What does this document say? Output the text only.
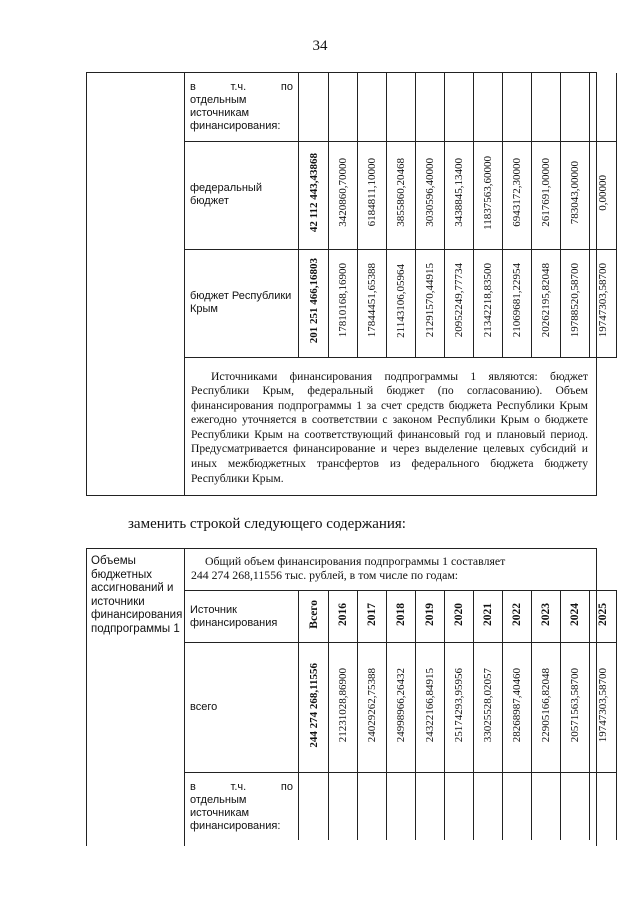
34

в	т.ч.	по
отдельным
источникам
финансирования:

федеральный бюджет	42 112 443,43868	3420860,70000	6184811,10000	3855860,20468	3030596,40000	3438845,13400	11837563,60000	6943172,30000	2617691,00000	783043,00000	0,00000
бюджет Республики Крым	201 251 466,16803	17810168,16900	17844451,65388	21143106,05964	21291570,44915	20952249,77734	21342218,83500	21069681,22954	20262195,82048	19788520,58700	19747303,58700

Источниками финансирования подпрограммы 1 являются: бюджет Республики Крым, федеральный бюджет (по согласованию). Объем финансирования подпрограммы 1 за счет средств бюджета Республики Крым ежегодно уточняется в соответствии с законом Республики Крым о бюджете Республики Крым на соответствующий финансовый год и плановый период. Предусматривается финансирование и через выделение целевых субсидий и иных межбюджетных трансфертов из федерального бюджета бюджету Республики Крым.

заменить строкой следующего содержания:
Объемы бюджетных ассигнований и источники финансирования подпрограммы 1	
Общий объем финансирования подпрограммы 1 составляет
244 274 268,11556 тыс. рублей, в том числе по годам:
Источник финансирования	Всего	2016	2017	2018	2019	2020	2021	2022	2023	2024	2025
всего	244 274 268,11556	21231028,86900	24029262,75388	24998966,26432	24322166,84915	25174293,95956	33025528,02057	28268987,40460	22905166,82048	20571563,58700	19747303,58700

в	т.ч.	по
отдельным
источникам
финансирования:
